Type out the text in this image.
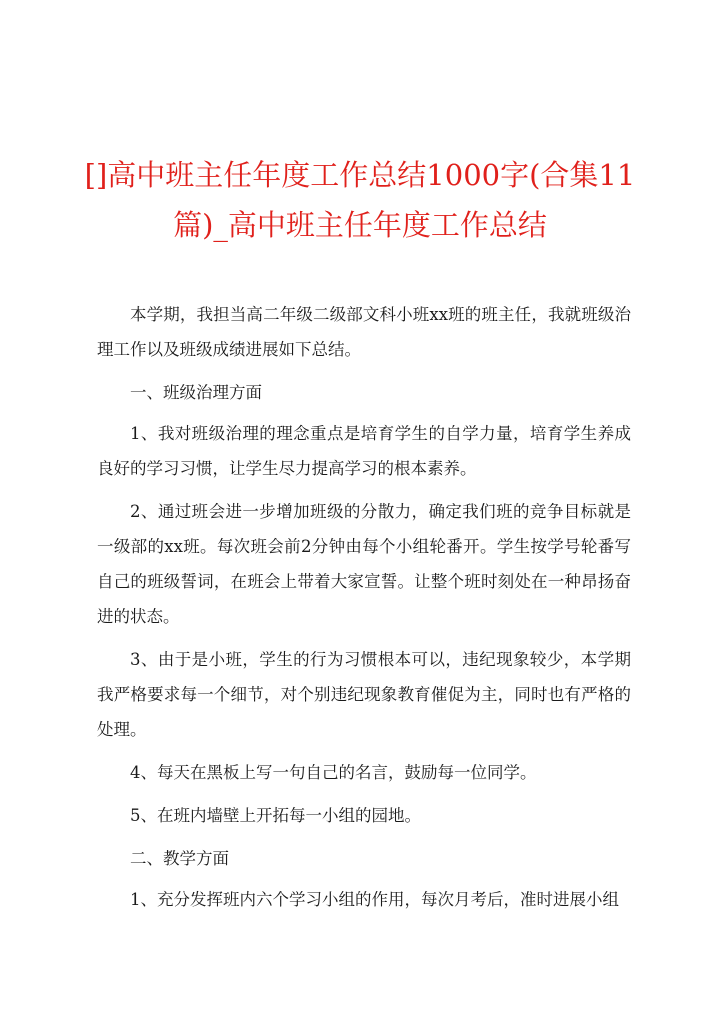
[]高中班主任年度工作总结1000字(合集11篇)_高中班主任年度工作总结

本学期，我担当高二年级二级部文科小班xx班的班主任，我就班级治理工作以及班级成绩进展如下总结。

一、班级治理方面

1、我对班级治理的理念重点是培育学生的自学力量，培育学生养成良好的学习习惯，让学生尽力提高学习的根本素养。

2、通过班会进一步增加班级的分散力，确定我们班的竞争目标就是一级部的xx班。每次班会前2分钟由每个小组轮番开。学生按学号轮番写自己的班级誓词，在班会上带着大家宣誓。让整个班时刻处在一种昂扬奋进的状态。

3、由于是小班，学生的行为习惯根本可以，违纪现象较少，本学期我严格要求每一个细节，对个别违纪现象教育催促为主，同时也有严格的处理。

4、每天在黑板上写一句自己的名言，鼓励每一位同学。

5、在班内墙壁上开拓每一小组的园地。

二、教学方面

1、充分发挥班内六个学习小组的作用，每次月考后，准时进展小组
